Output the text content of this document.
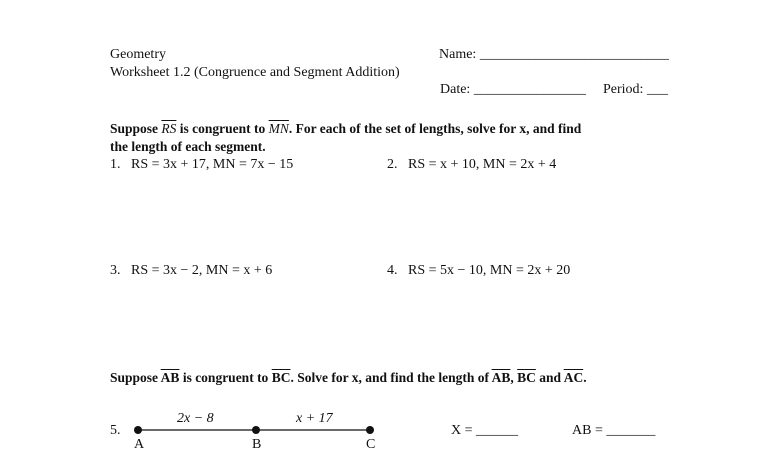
Geometry
Worksheet 1.2 (Congruence and Segment Addition)
Name: ___________________________
Date: ________________ Period: ___
Suppose $\overline{RS}$ is congruent to $\overline{MN}$. For each of the set of lengths, solve for x, and find
the length of each segment.
1. RS = 3x + 17, MN = 7x − 15	2. RS = x + 10, MN = 2x + 4
3. RS = 3x − 2, MN = x + 6	4. RS = 5x − 10, MN = 2x + 20
Suppose $\overline{AB}$ is congruent to $\overline{BC}$. Solve for x, and find the length of $\overline{AB}$, $\overline{BC}$ and $\overline{AC}$.
5.
2x − 8	x + 17
A	B	C
X = ______	AB = _______
